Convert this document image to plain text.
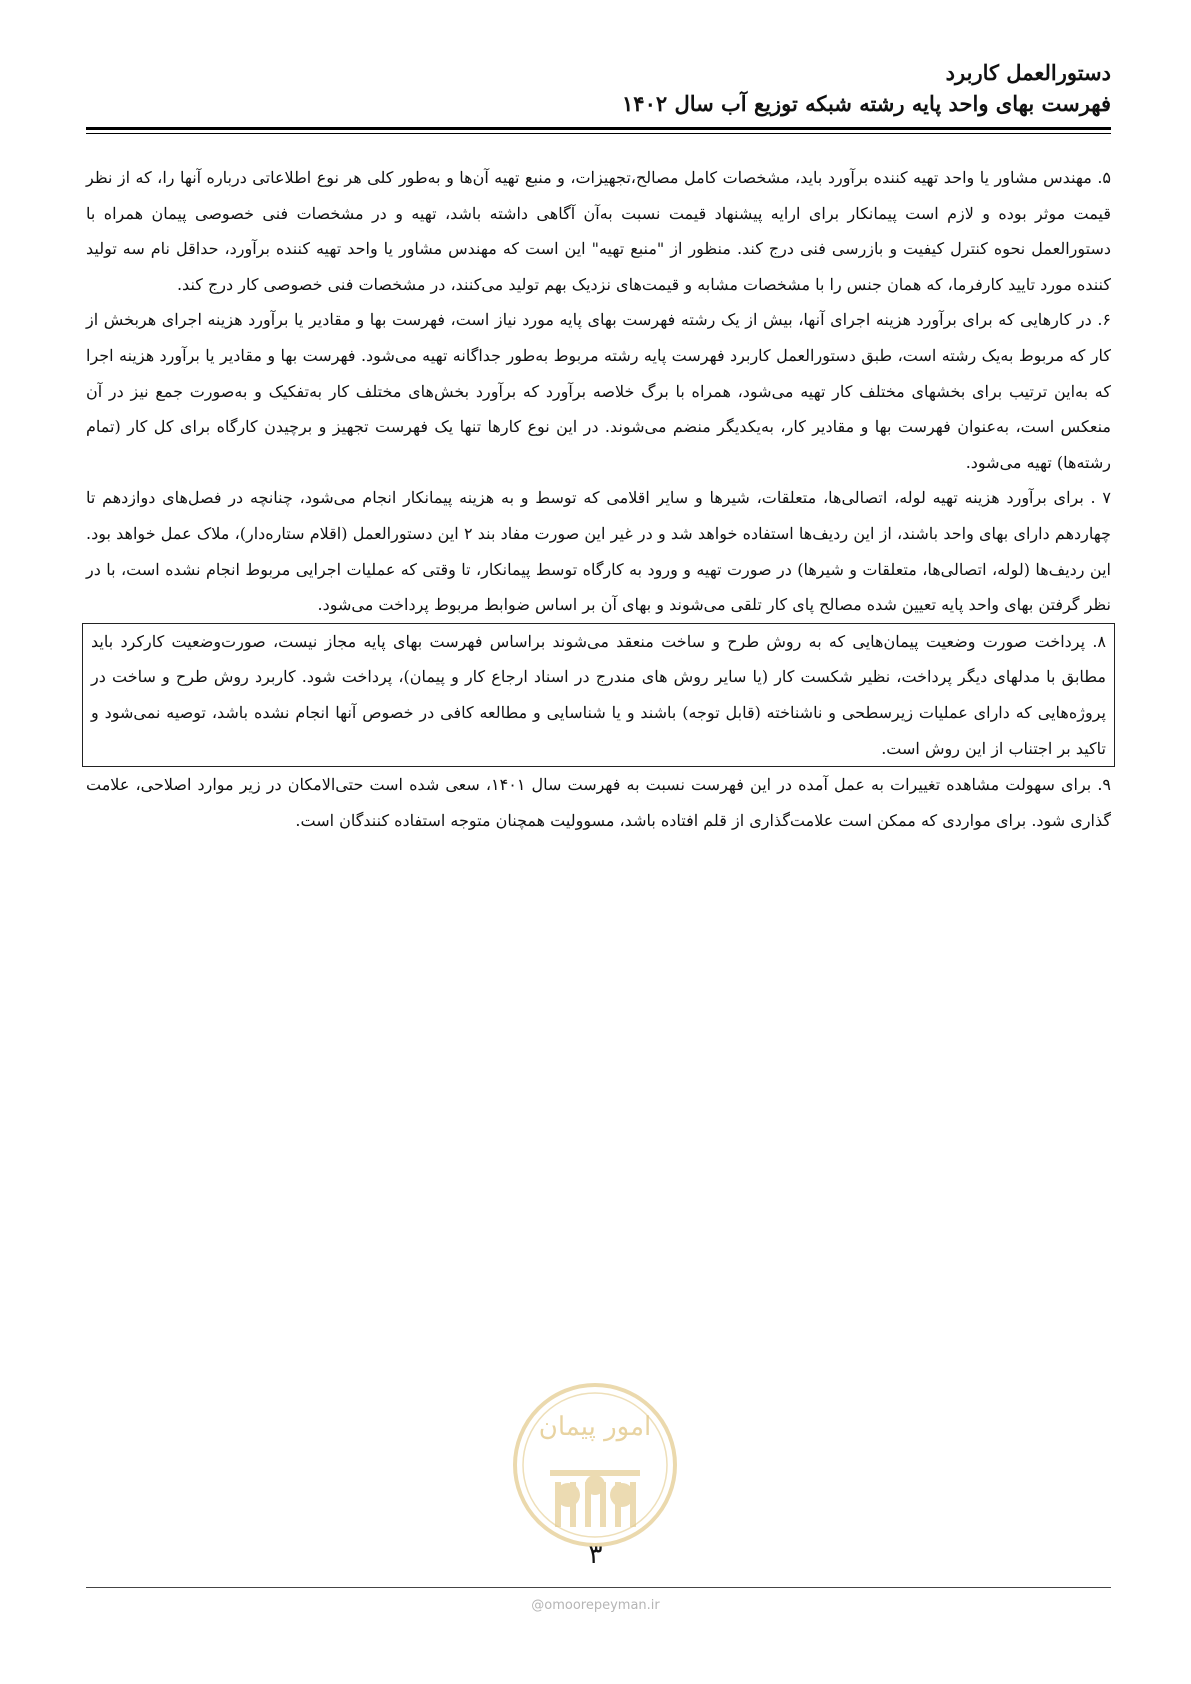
دستورالعمل کاربرد
فهرست بهای واحد پایه رشته شبکه توزیع آب سال ۱۴۰۲

۵. مهندس مشاور یا واحد تهیه کننده برآورد باید، مشخصات کامل مصالح،تجهیزات، و منبع تهیه آن‌ها و به‌طور کلی هر نوع اطلاعاتی درباره آنها را، که از نظر قیمت موثر بوده و لازم است پیمانکار برای ارایه پیشنهاد قیمت نسبت به‌آن آگاهی داشته باشد، تهیه و در مشخصات فنی خصوصی پیمان همراه با دستورالعمل نحوه کنترل کیفیت و بازرسی فنی درج کند. منظور از "منبع تهیه" این است که مهندس مشاور یا واحد تهیه کننده برآورد، حداقل نام سه تولید کننده مورد تایید کارفرما، که همان جنس را با مشخصات مشابه و قیمت‌های نزدیک بهم تولید می‌کنند، در مشخصات فنی خصوصی کار درج کند.

۶. در کارهایی که برای برآورد هزینه اجرای آنها، بیش از یک رشته فهرست بهای پایه مورد نیاز است، فهرست بها و مقادیر یا برآورد هزینه اجرای هربخش از کار که مربوط به‌یک رشته است، طبق دستورالعمل کاربرد فهرست پایه رشته مربوط به‌طور جداگانه تهیه می‌شود. فهرست بها و مقادیر یا برآورد هزینه اجرا که به‌این ترتیب برای بخشهای مختلف کار تهیه می‌شود، همراه با برگ خلاصه برآورد که برآورد بخش‌های مختلف کار به‌تفکیک و به‌صورت جمع نیز در آن منعکس است، به‌عنوان فهرست بها و مقادیر کار، به‌یکدیگر منضم می‌شوند. در این نوع کارها تنها یک فهرست تجهیز و برچیدن کارگاه برای کل کار (تمام رشته‌ها) تهیه می‌شود.

۷ . برای برآورد هزینه تهیه لوله، اتصالی‌ها، متعلقات، شیرها و سایر اقلامی که توسط و به هزینه پیمانکار انجام می‌شود، چنانچه در فصل‌های دوازدهم تا چهاردهم دارای بهای واحد باشند، از این ردیف‌ها استفاده خواهد شد و در غیر این صورت مفاد بند ۲ این دستورالعمل (اقلام ستاره‌دار)، ملاک عمل خواهد بود. این ردیف‌ها (لوله، اتصالی‌ها، متعلقات و شیرها) در صورت تهیه و ورود به کارگاه توسط پیمانکار، تا وقتی که عملیات اجرایی مربوط انجام نشده است، با در نظر گرفتن بهای واحد پایه تعیین شده مصالح پای کار تلقی می‌شوند و بهای آن بر اساس ضوابط مربوط پرداخت می‌شود.

۸. پرداخت صورت وضعیت پیمان‌هایی که به روش طرح و ساخت منعقد می‌شوند براساس فهرست بهای پایه مجاز نیست، صورت‌وضعیت کارکرد باید مطابق با مدلهای دیگر پرداخت، نظیر شکست کار (یا سایر روش های مندرج در اسناد ارجاع کار و پیمان)، پرداخت شود. کاربرد روش طرح و ساخت در پروژه‌هایی که دارای عملیات زیرسطحی و ناشناخته (قابل توجه) باشند و یا شناسایی و مطالعه کافی در خصوص آنها انجام نشده باشد، توصیه نمی‌شود و تاکید بر اجتناب از این روش است.

۹. برای سهولت مشاهده تغییرات به عمل آمده در این فهرست نسبت به فهرست سال ۱۴۰۱، سعی شده است حتی‌الامکان در زیر موارد اصلاحی، علامت گذاری شود. برای مواردی که ممکن است علامت‌گذاری از قلم افتاده باشد، مسوولیت همچنان متوجه استفاده کنندگان است.

امور پیمان
۳
@omoorepeyman.ir
